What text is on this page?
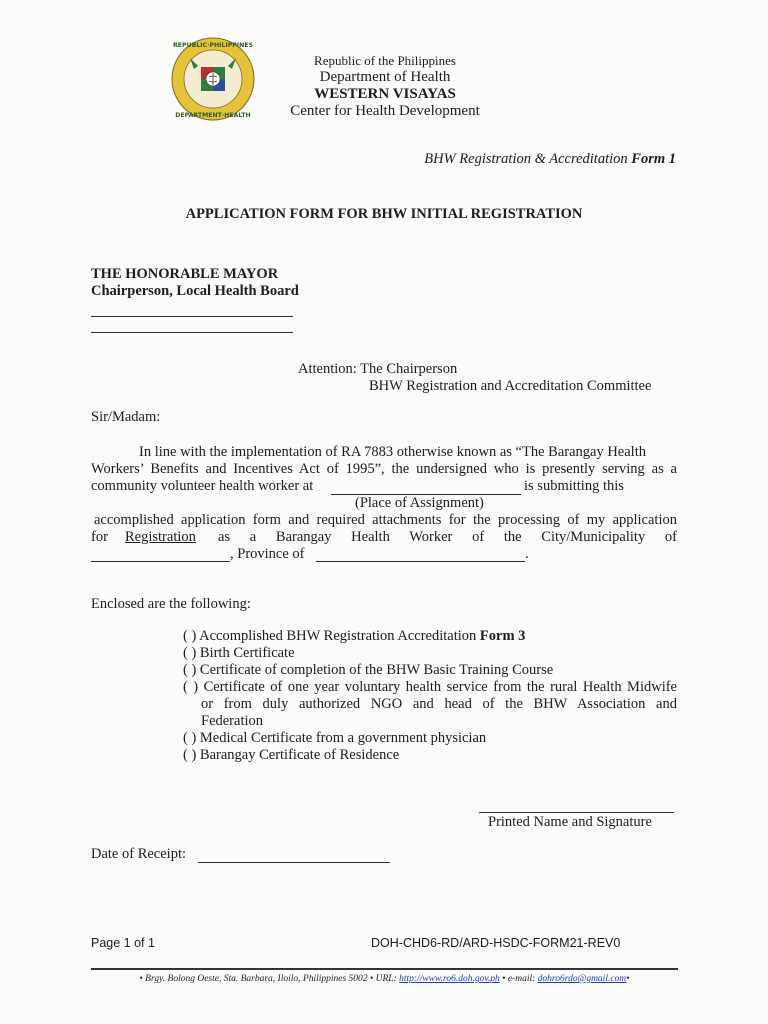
REPUBLIC·PHILIPPINES
DEPARTMENT·HEALTH
Republic of the Philippines
Department of Health
WESTERN VISAYAS
Center for Health Development
BHW Registration & Accreditation Form 1
APPLICATION FORM FOR BHW INITIAL REGISTRATION
THE HONORABLE MAYOR
Chairperson, Local Health Board
Attention: The Chairperson
BHW Registration and Accreditation Committee
Sir/Madam:
In line with the implementation of RA 7883 otherwise known as “The Barangay Health
Workers’ Benefits and Incentives Act of 1995”, the undersigned who is presently serving as a
community volunteer health worker at	is submitting this
(Place of Assignment)
accomplished application form and required attachments for the processing of my application
for Registration as a Barangay Health Worker of the City/Municipality of
, Province of	.
Enclosed are the following:
( ) Accomplished BHW Registration Accreditation Form 3
( ) Birth Certificate
( ) Certificate of completion of the BHW Basic Training Course
( ) Certificate of one year voluntary health service from the rural Health Midwife
or from duly authorized NGO and head of the BHW Association and
Federation
( ) Medical Certificate from a government physician
( ) Barangay Certificate of Residence
Printed Name and Signature
Date of Receipt:
Page 1 of 1	DOH-CHD6-RD/ARD-HSDC-FORM21-REV0
• Brgy. Bolong Oeste, Sta. Barbara, Iloilo, Philippines 5002 • URL: http://www.ro6.doh.gov.ph • e-mail: dohro6rdo@gmail.com•
